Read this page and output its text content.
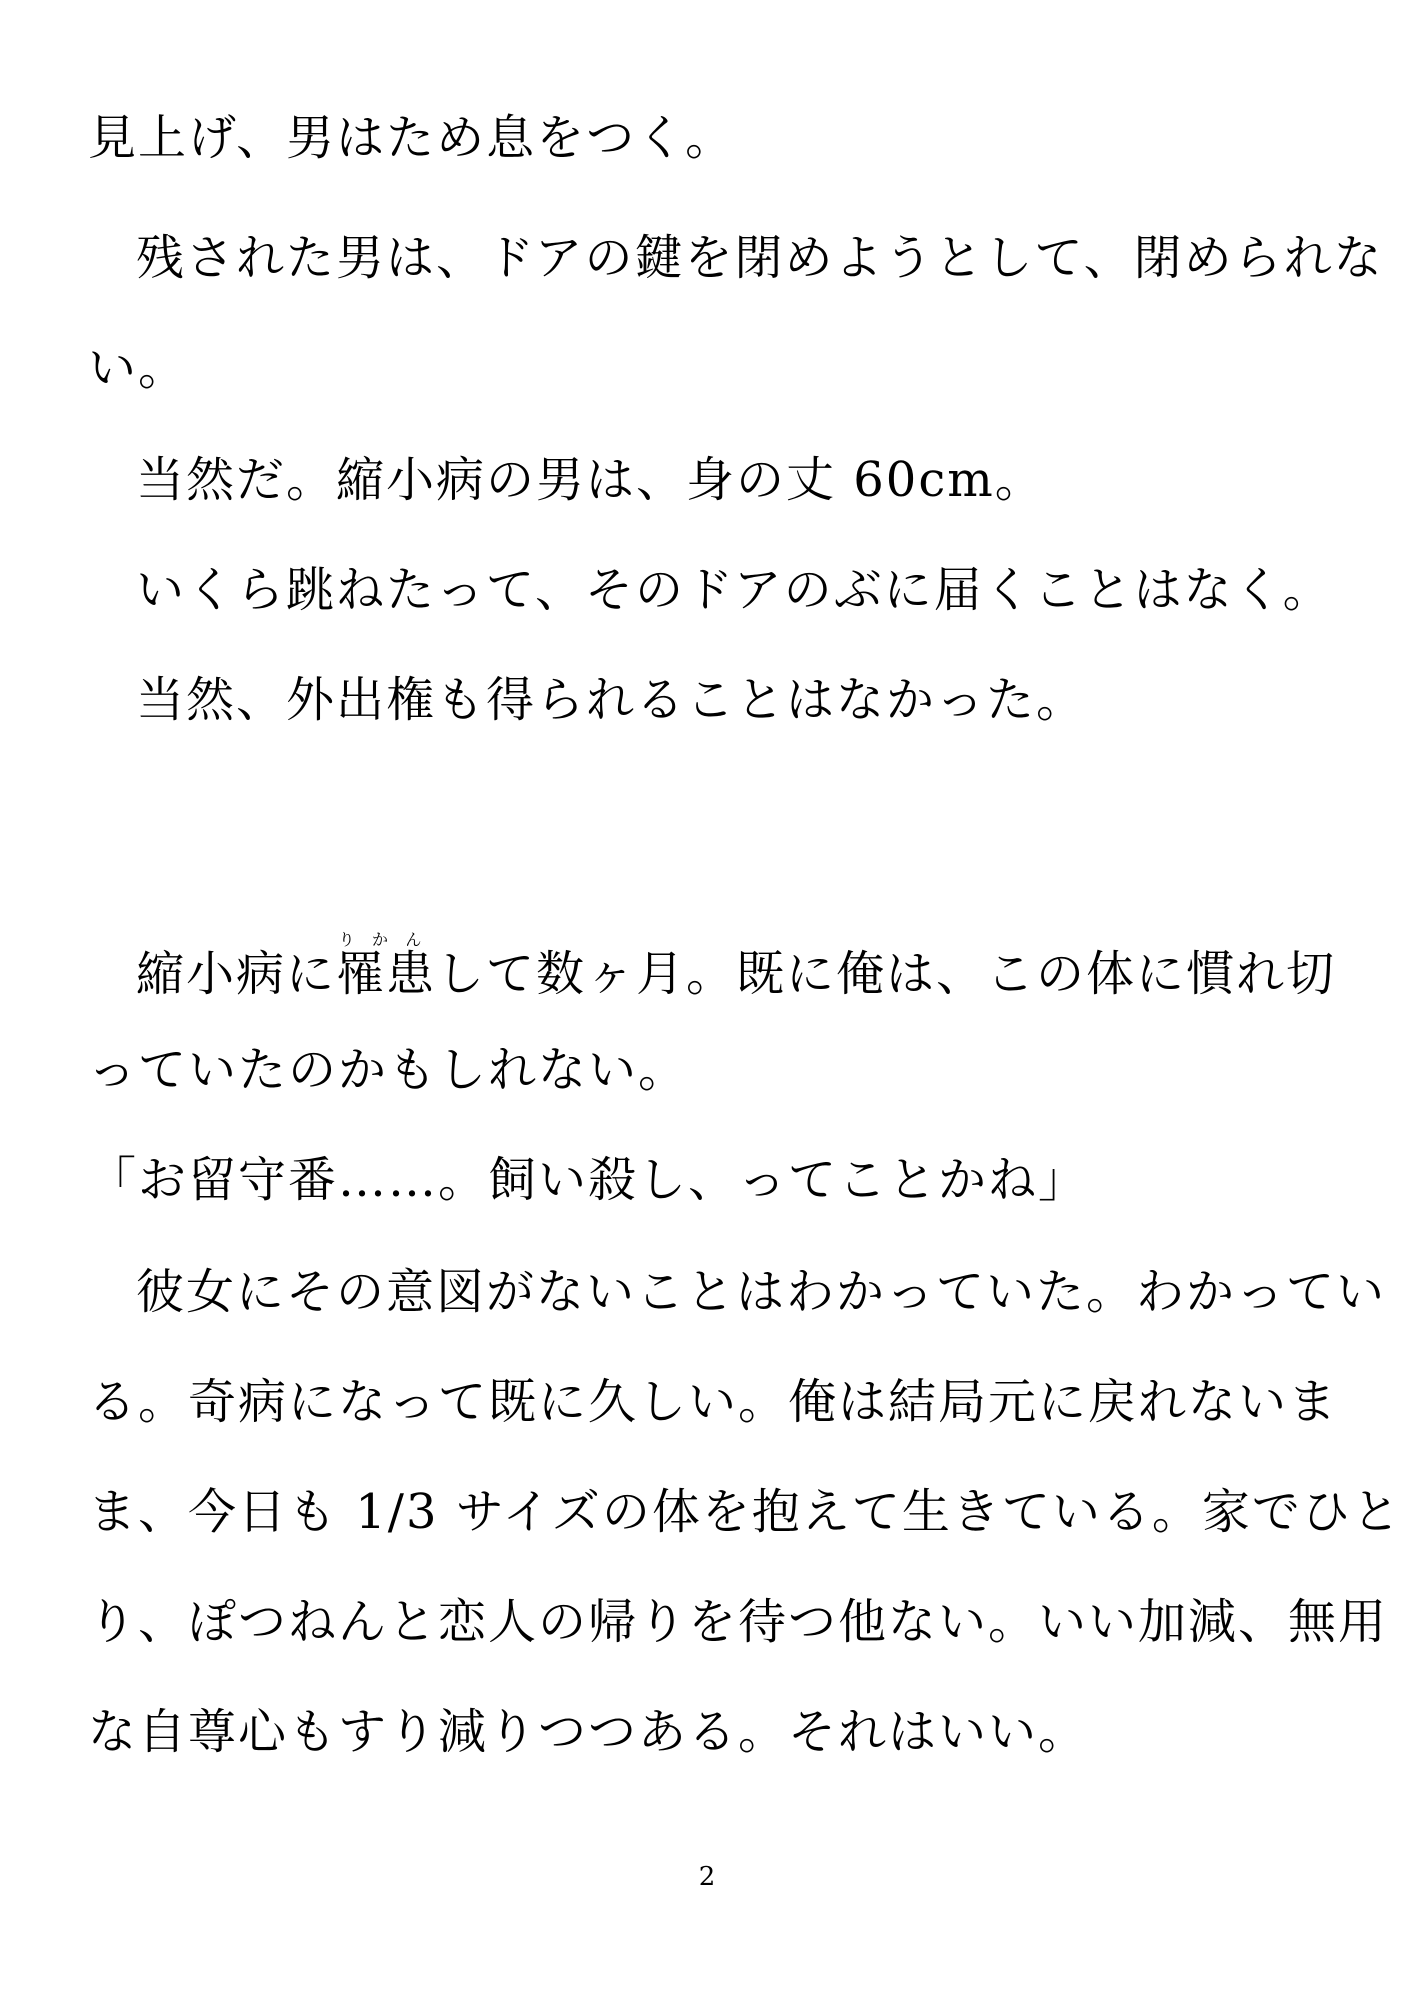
見上げ、男はため息をつく。

残された男は、ドアの鍵を閉めようとして、閉められな

い。

当然だ。縮小病の男は、身の丈 60cm。

いくら跳ねたって、そのドアのぶに届くことはなく。

当然、外出権も得られることはなかった。

縮小病に罹患りかんして数ヶ月。既に俺は、この体に慣れ切

っていたのかもしれない。

「お留守番……。飼い殺し、ってことかね」

彼女にその意図がないことはわかっていた。わかってい

る。奇病になって既に久しい。俺は結局元に戻れないま

ま、今日も 1/3 サイズの体を抱えて生きている。家でひと

り、ぽつねんと恋人の帰りを待つ他ない。いい加減、無用

な自尊心もすり減りつつある。それはいい。

2
